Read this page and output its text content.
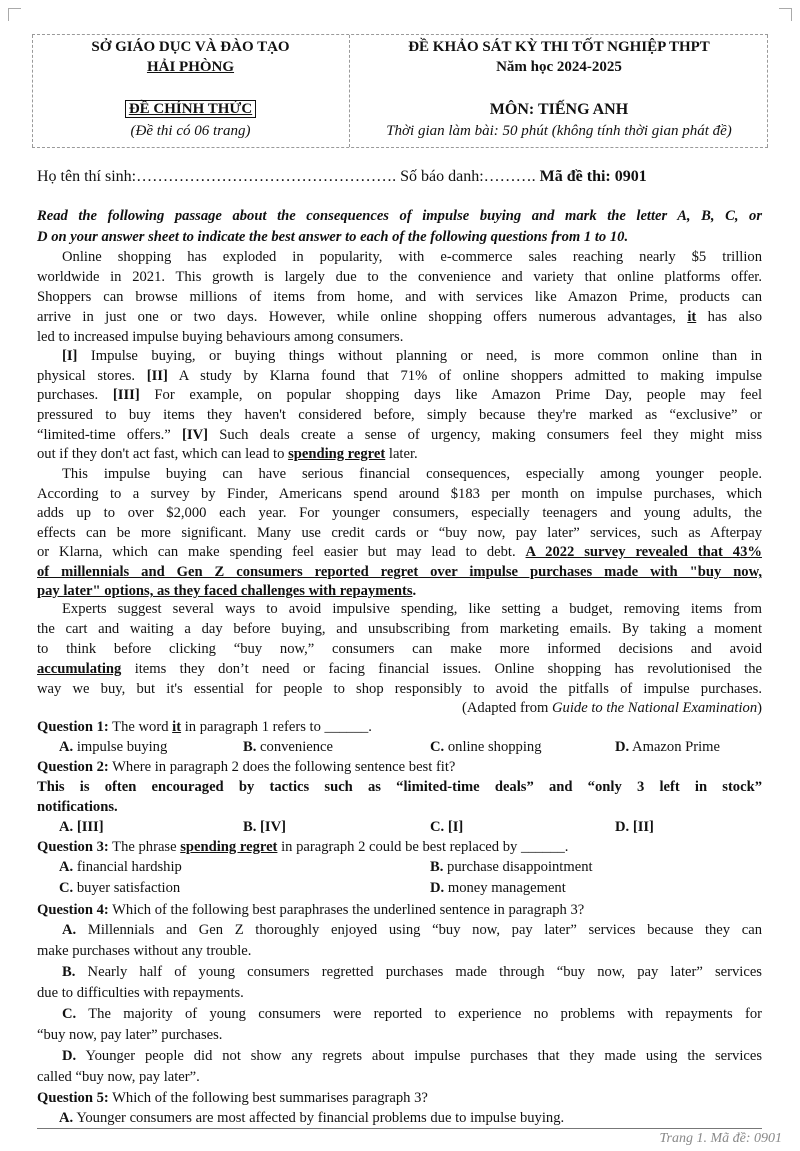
SỞ GIÁO DỤC VÀ ĐÀO TẠO
HẢI PHÒNG
ĐỀ CHÍNH THỨC
(Đề thi có 06 trang)
ĐỀ KHẢO SÁT KỲ THI TỐT NGHIỆP THPT
Năm học 2024-2025
MÔN: TIẾNG ANH
Thời gian làm bài: 50 phút (không tính thời gian phát đề)
Họ tên thí sinh:…………………………………………. Số báo danh:………. Mã đề thi: 0901
Read the following passage about the consequences of impulse buying and mark the letter A, B, C, or
D on your answer sheet to indicate the best answer to each of the following questions from 1 to 10.
Online shopping has exploded in popularity, with e-commerce sales reaching nearly $5 trillion
worldwide in 2021. This growth is largely due to the convenience and variety that online platforms offer.
Shoppers can browse millions of items from home, and with services like Amazon Prime, products can
arrive in just one or two days. However, while online shopping offers numerous advantages, it has also
led to increased impulse buying behaviours among consumers.
[I] Impulse buying, or buying things without planning or need, is more common online than in
physical stores. [II] A study by Klarna found that 71% of online shoppers admitted to making impulse
purchases. [III] For example, on popular shopping days like Amazon Prime Day, people may feel
pressured to buy items they haven't considered before, simply because they're marked as “exclusive” or
“limited-time offers.” [IV] Such deals create a sense of urgency, making consumers feel they might miss
out if they don't act fast, which can lead to spending regret later.
This impulse buying can have serious financial consequences, especially among younger people.
According to a survey by Finder, Americans spend around $183 per month on impulse purchases, which
adds up to over $2,000 each year. For younger consumers, especially teenagers and young adults, the
effects can be more significant. Many use credit cards or “buy now, pay later” services, such as Afterpay
or Klarna, which can make spending feel easier but may lead to debt. A 2022 survey revealed that 43%
of millennials and Gen Z consumers reported regret over impulse purchases made with "buy now,
pay later" options, as they faced challenges with repayments.
Experts suggest several ways to avoid impulsive spending, like setting a budget, removing items from
the cart and waiting a day before buying, and unsubscribing from marketing emails. By taking a moment
to think before clicking “buy now,” consumers can make more informed decisions and avoid
accumulating items they don’t need or facing financial issues. Online shopping has revolutionised the
way we buy, but it's essential for people to shop responsibly to avoid the pitfalls of impulse purchases.
(Adapted from Guide to the National Examination)
Question 1: The word it in paragraph 1 refers to ______.
A. impulse buying	B. convenience	C. online shopping	D. Amazon Prime
Question 2: Where in paragraph 2 does the following sentence best fit?
This is often encouraged by tactics such as “limited-time deals” and “only 3 left in stock”
notifications.
A. [III]	B. [IV]	C. [I]	D. [II]
Question 3: The phrase spending regret in paragraph 2 could be best replaced by ______.
A. financial hardship	B. purchase disappointment
C. buyer satisfaction	D. money management
Question 4: Which of the following best paraphrases the underlined sentence in paragraph 3?
A. Millennials and Gen Z thoroughly enjoyed using “buy now, pay later” services because they can
make purchases without any trouble.
B. Nearly half of young consumers regretted purchases made through “buy now, pay later” services
due to difficulties with repayments.
C. The majority of young consumers were reported to experience no problems with repayments for
“buy now, pay later” purchases.
D. Younger people did not show any regrets about impulse purchases that they made using the services
called “buy now, pay later”.
Question 5: Which of the following best summarises paragraph 3?
A. Younger consumers are most affected by financial problems due to impulse buying.
Trang 1. Mã đề: 0901
